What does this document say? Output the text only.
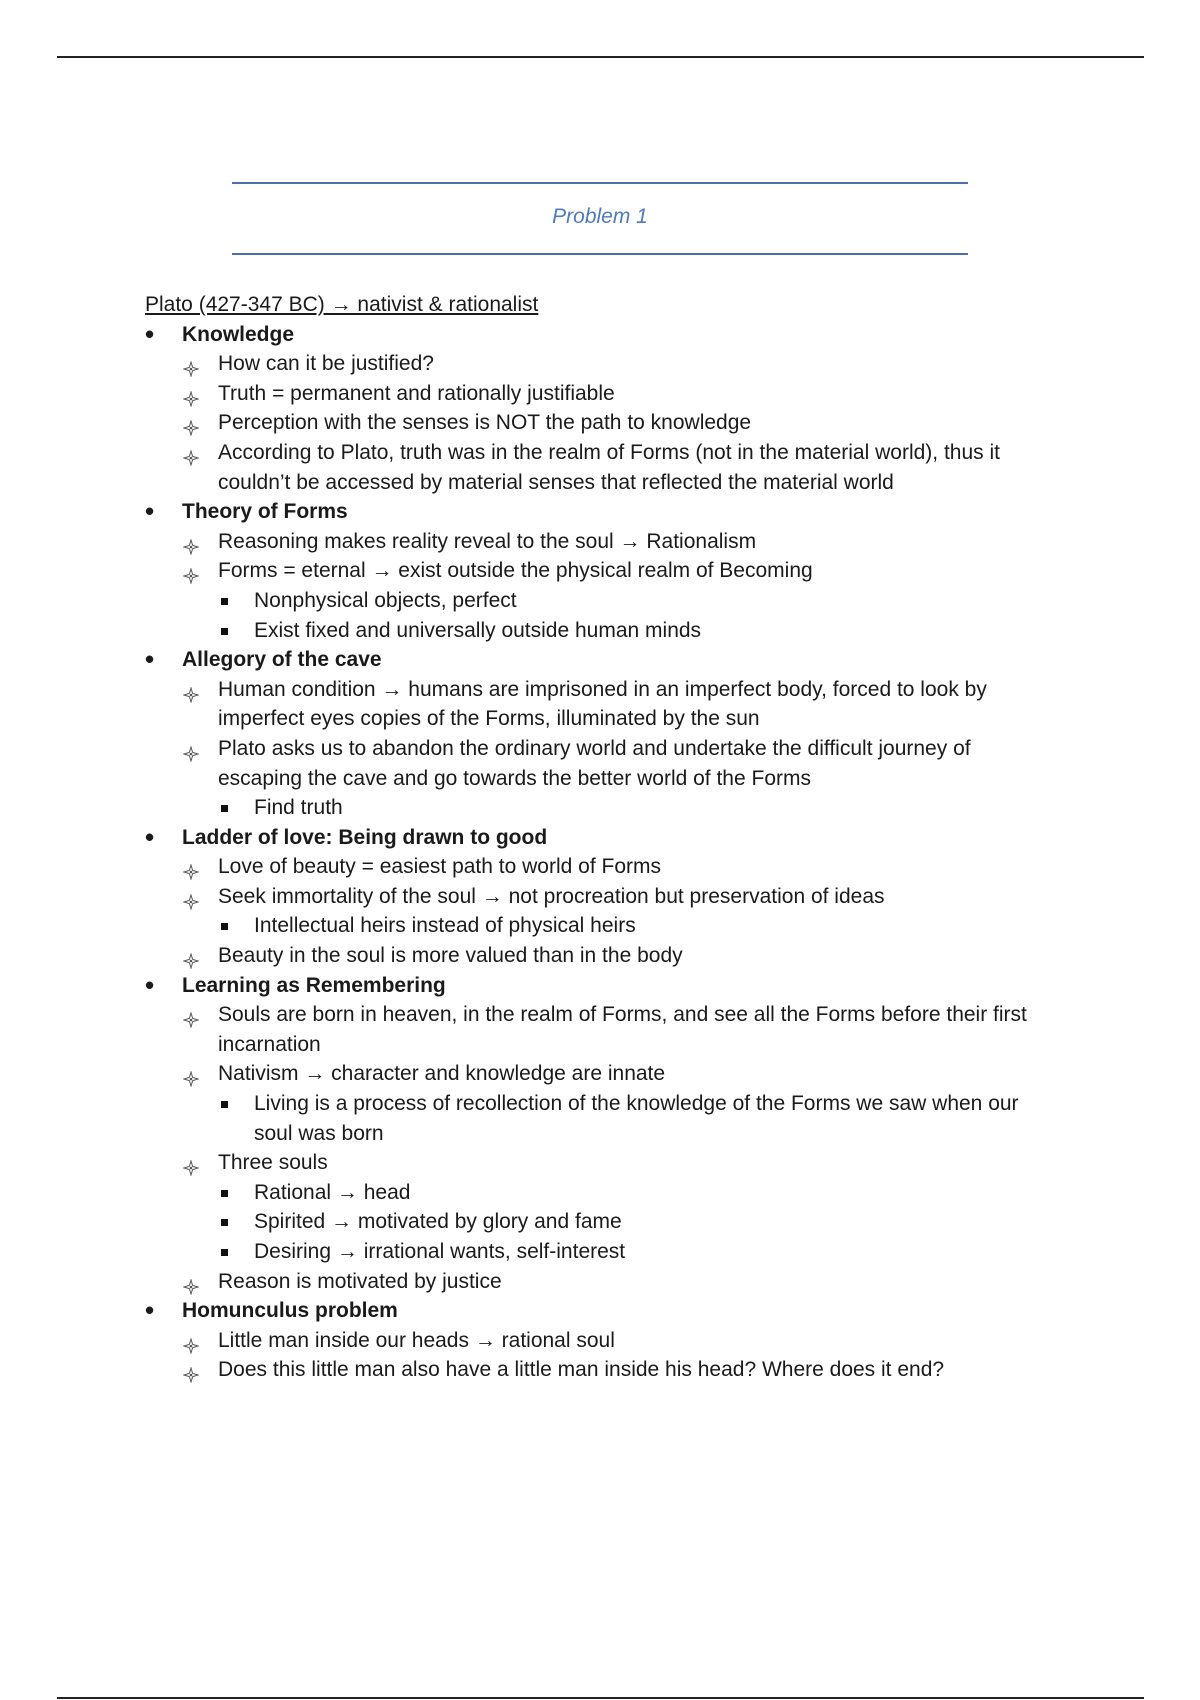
Problem 1
Plato (427-347 BC) → nativist & rationalist
• Knowledge
How can it be justified?
Truth = permanent and rationally justifiable
Perception with the senses is NOT the path to knowledge
According to Plato, truth was in the realm of Forms (not in the material world), thus it couldn’t be accessed by material senses that reflected the material world
• Theory of Forms
Reasoning makes reality reveal to the soul → Rationalism
Forms = eternal → exist outside the physical realm of Becoming
Nonphysical objects, perfect
Exist fixed and universally outside human minds
• Allegory of the cave
Human condition → humans are imprisoned in an imperfect body, forced to look by imperfect eyes copies of the Forms, illuminated by the sun
Plato asks us to abandon the ordinary world and undertake the difficult journey of escaping the cave and go towards the better world of the Forms
Find truth
• Ladder of love: Being drawn to good
Love of beauty = easiest path to world of Forms
Seek immortality of the soul → not procreation but preservation of ideas
Intellectual heirs instead of physical heirs
Beauty in the soul is more valued than in the body
• Learning as Remembering
Souls are born in heaven, in the realm of Forms, and see all the Forms before their first incarnation
Nativism → character and knowledge are innate
Living is a process of recollection of the knowledge of the Forms we saw when our soul was born
Three souls
Rational → head
Spirited → motivated by glory and fame
Desiring → irrational wants, self-interest
Reason is motivated by justice
• Homunculus problem
Little man inside our heads → rational soul
Does this little man also have a little man inside his head? Where does it end?
